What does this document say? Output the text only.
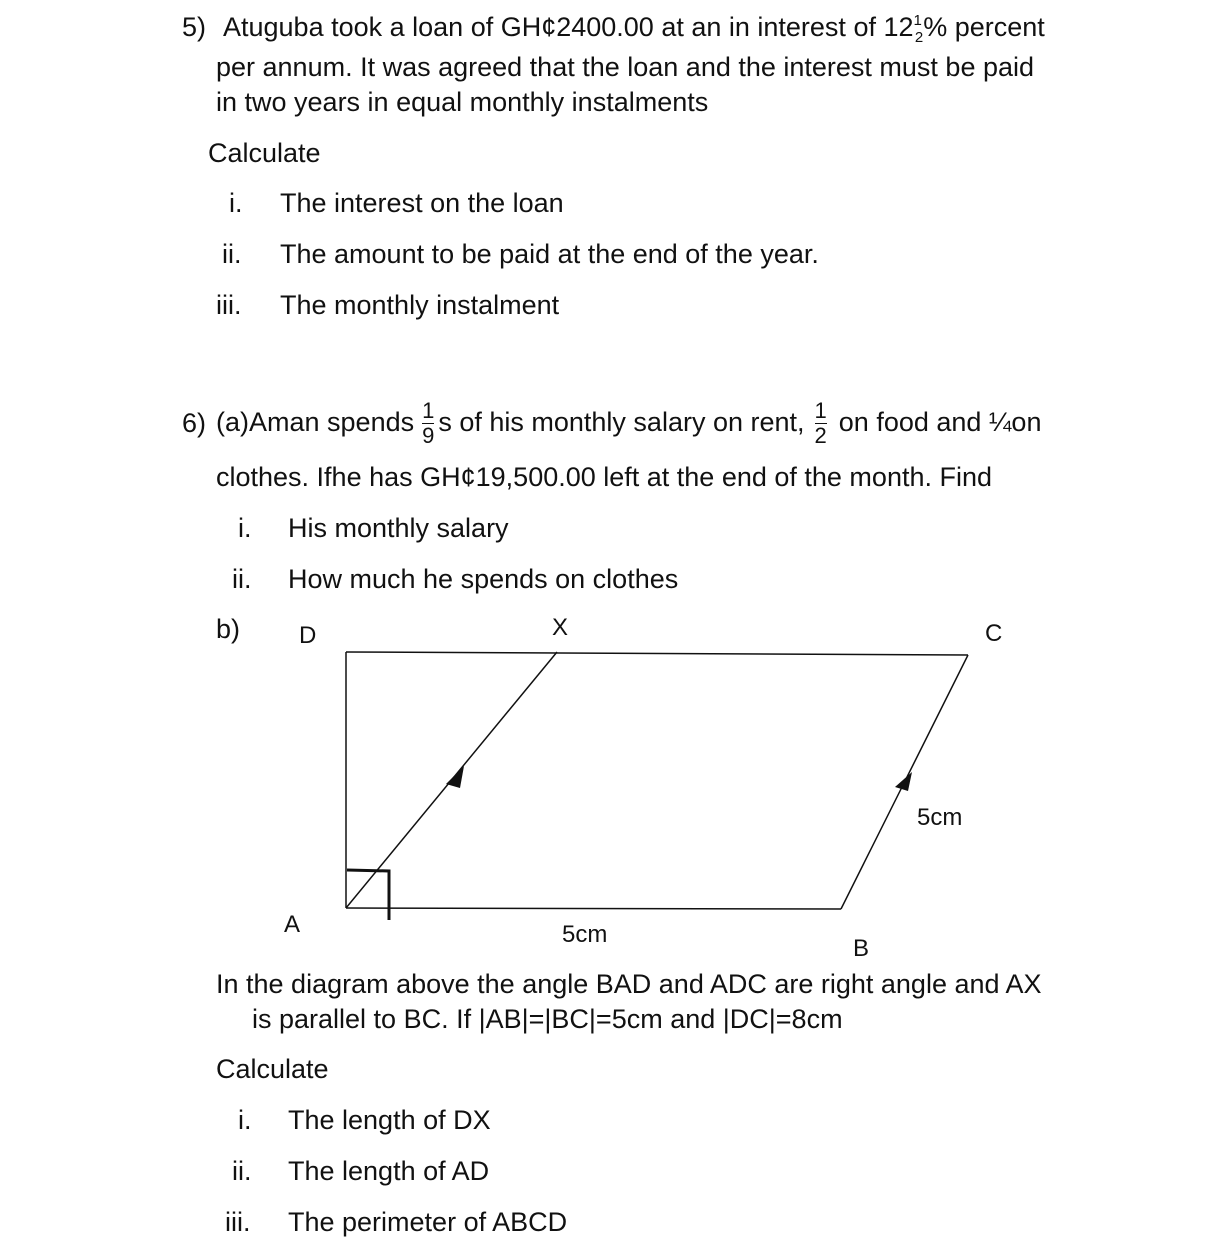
5) Atuguba took a loan of GH¢2400.00 at an in interest of $12^1_2\%$ percent
per annum. It was agreed that the loan and the interest must be paid
in two years in equal monthly instalments
Calculate
i. The interest on the loan
ii. The amount to be paid at the end of the year.
iii. The monthly instalment
6) (a)Aman spends $\frac{1}{9}$ s of his monthly salary on rent, $\frac{1}{2}$ on food and ¼on
clothes. Ifhe has GH¢19,500.00 left at the end of the month. Find
i. His monthly salary
ii. How much he spends on clothes
b) D	X	C
A
B
5cm
5cm
In the diagram above the angle BAD and ADC are right angle and AX
is parallel to BC. If |AB|=|BC|=5cm and |DC|=8cm
Calculate
i. The length of DX
ii. The length of AD
iii. The perimeter of ABCD
